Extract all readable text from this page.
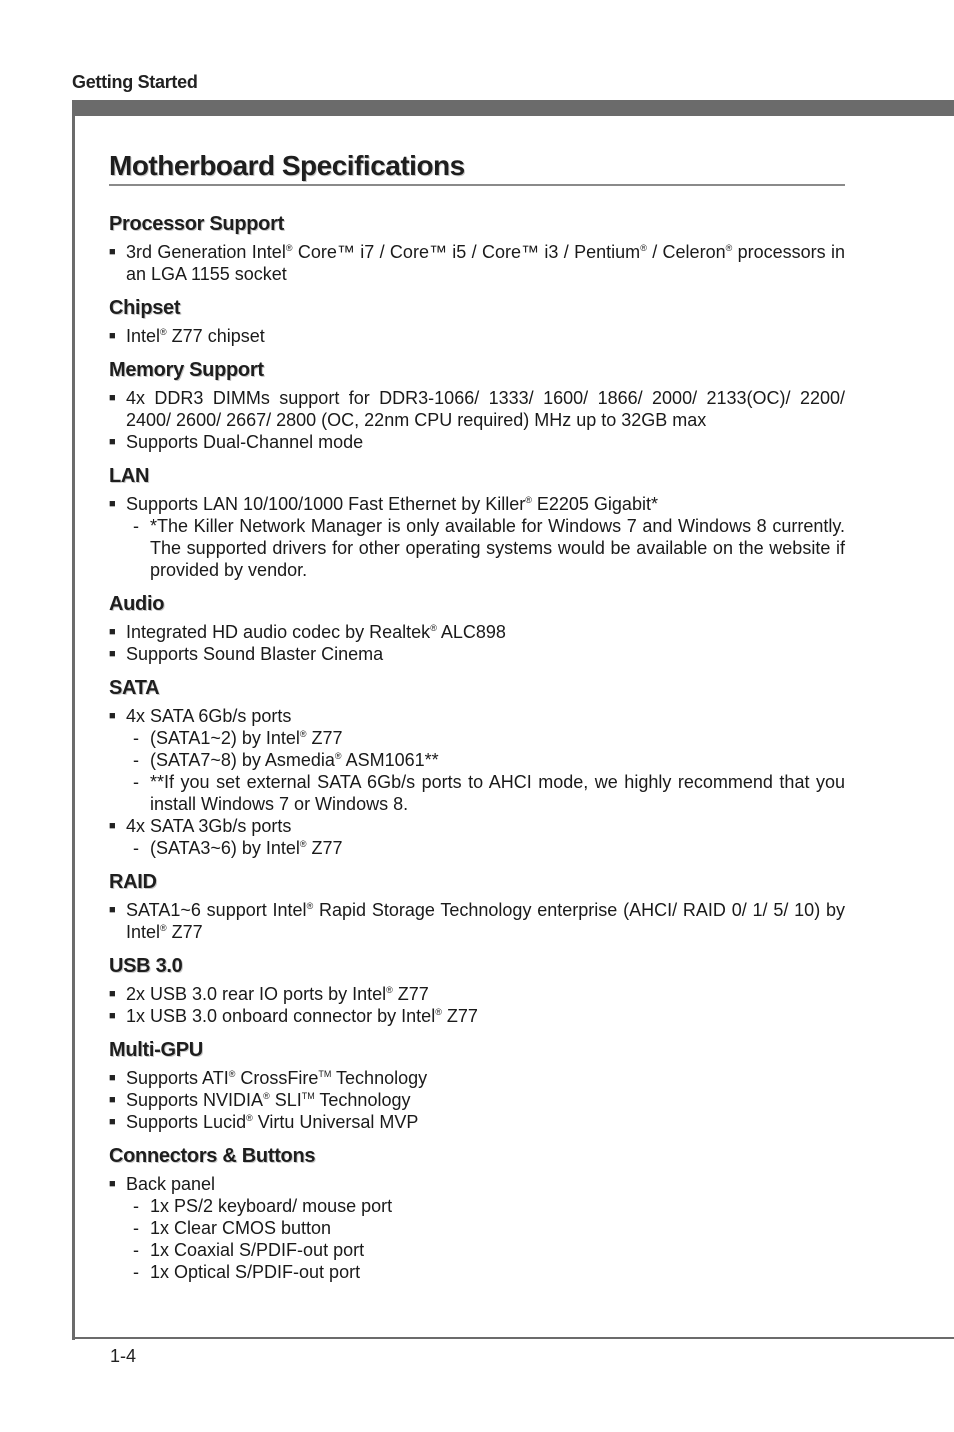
Getting Started
Motherboard Specifications
Processor Support
■ 3rd Generation Intel® Core™ i7 / Core™ i5 / Core™ i3 / Pentium® / Celeron® processors in an LGA 1155 socket
Chipset
■ Intel® Z77 chipset
Memory Support
■ 4x DDR3 DIMMs support for DDR3-1066/ 1333/ 1600/ 1866/ 2000/ 2133(OC)/ 2200/ 2400/ 2600/ 2667/ 2800 (OC, 22nm CPU required) MHz up to 32GB max
■ Supports Dual-Channel mode
LAN
■ Supports LAN 10/100/1000 Fast Ethernet by Killer® E2205 Gigabit*
- *The Killer Network Manager is only available for Windows 7 and Windows 8 currently. The supported drivers for other operating systems would be available on the website if provided by vendor.
Audio
■ Integrated HD audio codec by Realtek® ALC898
■ Supports Sound Blaster Cinema
SATA
■ 4x SATA 6Gb/s ports
- (SATA1~2) by Intel® Z77
- (SATA7~8) by Asmedia® ASM1061**
- **If you set external SATA 6Gb/s ports to AHCI mode, we highly recommend that you install Windows 7 or Windows 8.
■ 4x SATA 3Gb/s ports
- (SATA3~6) by Intel® Z77
RAID
■ SATA1~6 support Intel® Rapid Storage Technology enterprise (AHCI/ RAID 0/ 1/ 5/ 10) by Intel® Z77
USB 3.0
■ 2x USB 3.0 rear IO ports by Intel® Z77
■ 1x USB 3.0 onboard connector by Intel® Z77
Multi-GPU
■ Supports ATI® CrossFire™ Technology
■ Supports NVIDIA® SLI™ Technology
■ Supports Lucid® Virtu Universal MVP
Connectors & Buttons
■ Back panel
- 1x PS/2 keyboard/ mouse port
- 1x Clear CMOS button
- 1x Coaxial S/PDIF-out port
- 1x Optical S/PDIF-out port
1-4
